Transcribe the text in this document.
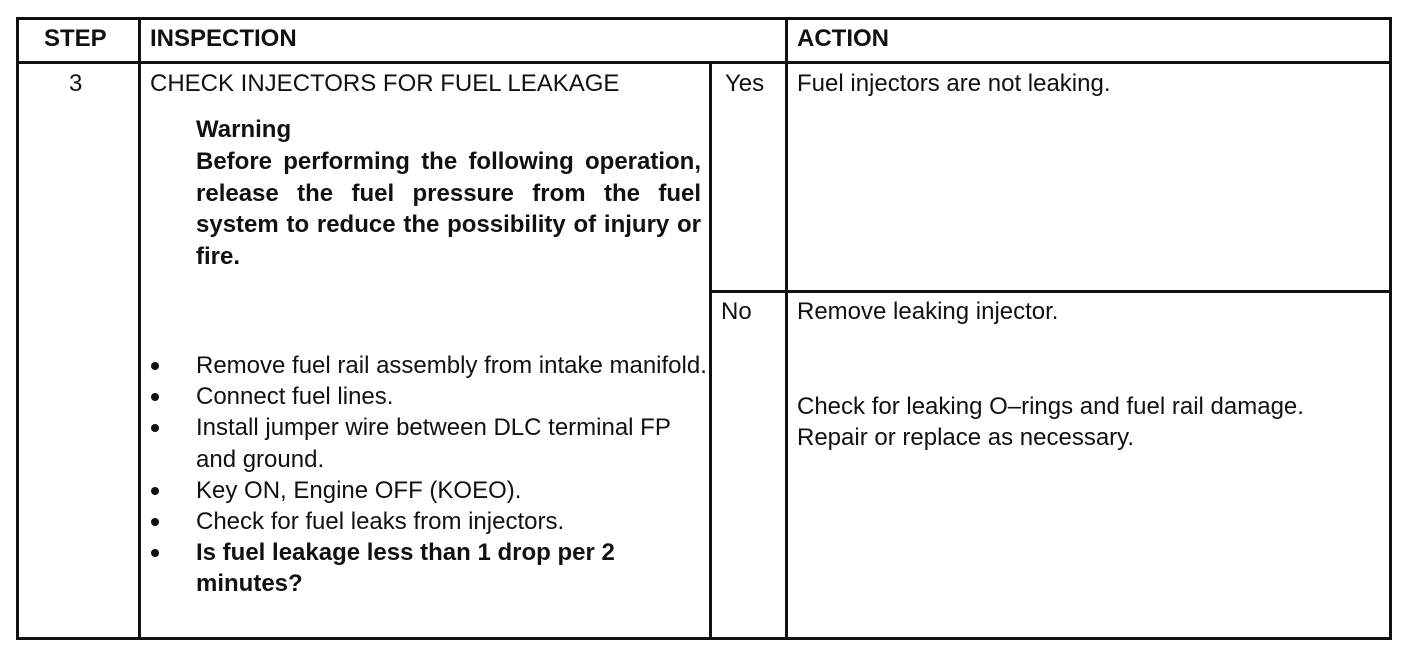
STEP INSPECTION	ACTION
3	CHECK INJECTORS FOR FUEL LEAKAGE
Warning
Before performing the following operation, release the fuel pressure from the fuel system to reduce the possibility of injury or fire.
Remove fuel rail assembly from intake manifold.
Connect fuel lines.
Install jumper wire between DLC terminal FP and ground.
Key ON, Engine OFF (KOEO).
Check for fuel leaks from injectors.
Is fuel leakage less than 1 drop per 2 minutes?
Yes
No
Fuel injectors are not leaking.
Remove leaking injector.
Check for leaking O–rings and fuel rail damage.
Repair or replace as necessary.
